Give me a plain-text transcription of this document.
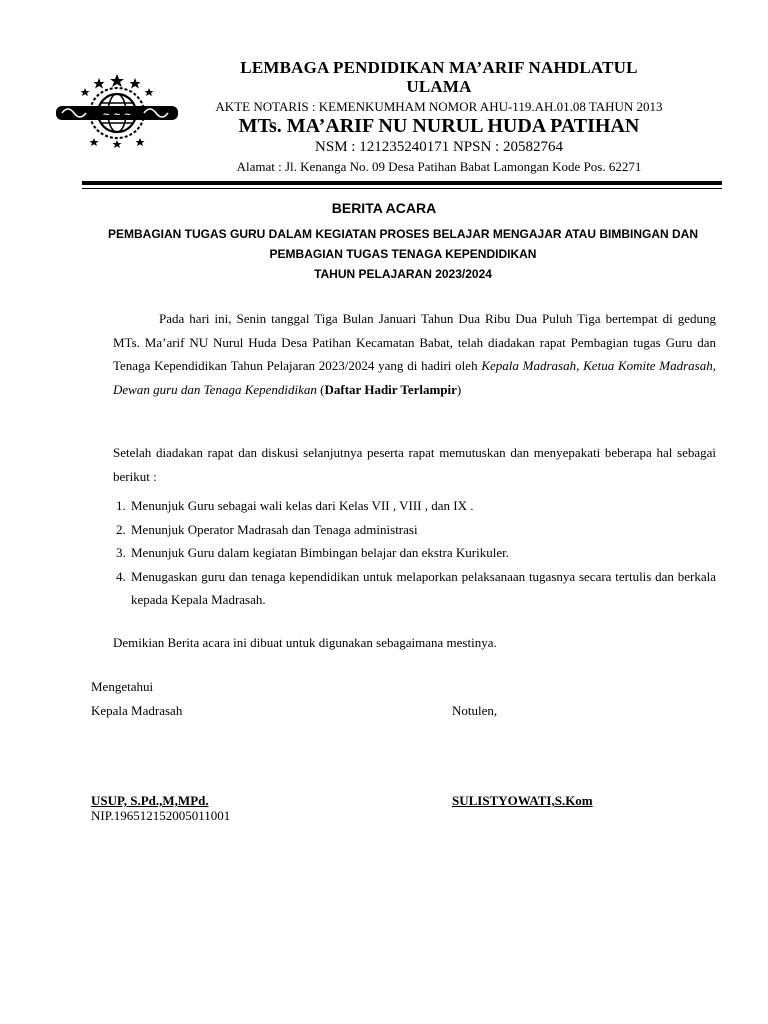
~ ~ ~
LEMBAGA PENDIDIKAN MA’ARIF NAHDLATUL
ULAMA
AKTE NOTARIS : KEMENKUMHAM NOMOR AHU-119.AH.01.08 TAHUN 2013
MTs. MA’ARIF NU NURUL HUDA PATIHAN
NSM : 121235240171 NPSN : 20582764
Alamat : Jl. Kenanga No. 09 Desa Patihan Babat Lamongan Kode Pos. 62271
BERITA ACARA
PEMBAGIAN TUGAS GURU DALAM KEGIATAN PROSES BELAJAR MENGAJAR ATAU BIMBINGAN DAN
PEMBAGIAN TUGAS TENAGA KEPENDIDIKAN
TAHUN PELAJARAN 2023/2024
Pada hari ini, Senin tanggal Tiga Bulan Januari Tahun Dua Ribu Dua Puluh Tiga bertempat di gedung MTs. Ma’arif NU Nurul Huda Desa Patihan Kecamatan Babat, telah diadakan rapat Pembagian tugas Guru dan Tenaga Kependidikan Tahun Pelajaran 2023/2024 yang di hadiri oleh Kepala Madrasah, Ketua Komite Madrasah, Dewan guru dan Tenaga Kependidikan (Daftar Hadir Terlampir)
Setelah diadakan rapat dan diskusi selanjutnya peserta rapat memutuskan dan menyepakati beberapa hal sebagai berikut :
1. Menunjuk Guru sebagai wali kelas dari Kelas VII , VIII , dan IX .
2. Menunjuk Operator Madrasah dan Tenaga administrasi
3. Menunjuk Guru dalam kegiatan Bimbingan belajar dan ekstra Kurikuler.
4. Menugaskan guru dan tenaga kependidikan untuk melaporkan pelaksanaan tugasnya secara tertulis dan berkala kepada Kepala Madrasah.
Demikian Berita acara ini dibuat untuk digunakan sebagaimana mestinya.
Mengetahui
Kepala Madrasah	Notulen,
USUP, S.Pd.,M,MPd.
NIP.196512152005011001
SULISTYOWATI,S.Kom
